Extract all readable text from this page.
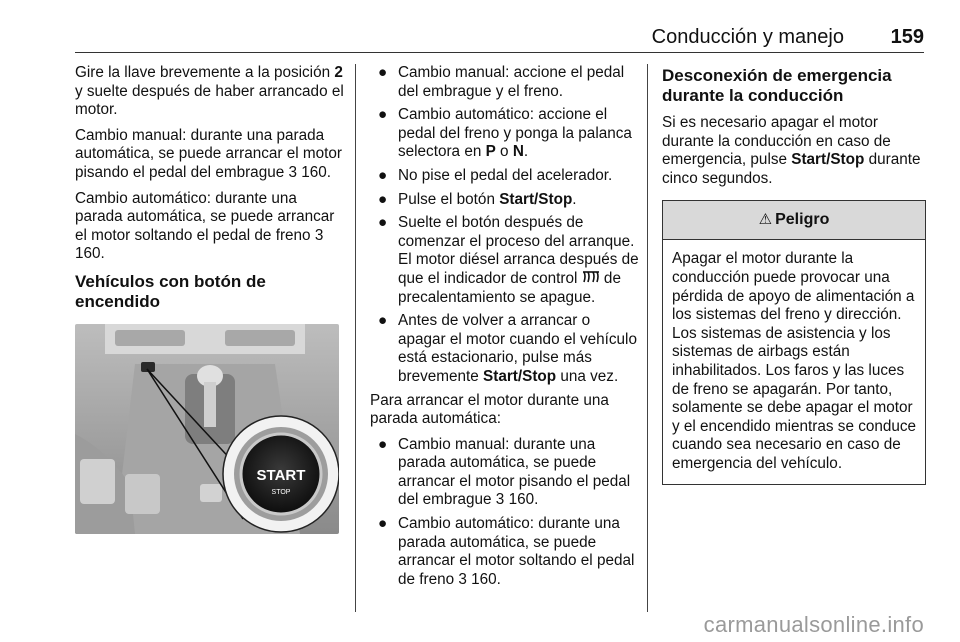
Conducción y manejo 159

Gire la llave brevemente a la posición 2 y suelte después de haber arrancado el motor.

Cambio manual: durante una parada automática, se puede arrancar el motor pisando el pedal del embrague 3 160.

Cambio automático: durante una parada automática, se puede arrancar el motor soltando el pedal de freno 3 160.

Vehículos con botón de encendido
START
STOP
● Cambio manual: accione el pedal del embrague y el freno.
● Cambio automático: accione el pedal del freno y ponga la palanca selectora en P o N.
● No pise el pedal del acelerador.
● Pulse el botón Start/Stop.
● Suelte el botón después de comenzar el proceso del arranque. El motor diésel arranca después de que el indicador de control  de precalentamiento se apague.
● Antes de volver a arrancar o apagar el motor cuando el vehículo está estacionario, pulse más brevemente Start/Stop una vez.

Para arrancar el motor durante una parada automática:

● Cambio manual: durante una parada automática, se puede arrancar el motor pisando el pedal del embrague 3 160.
● Cambio automático: durante una parada automática, se puede arrancar el motor soltando el pedal de freno 3 160.
Desconexión de emergencia durante la conducción

Si es necesario apagar el motor durante la conducción en caso de emergencia, pulse Start/Stop durante cinco segundos.

⚠ Peligro
Apagar el motor durante la conducción puede provocar una pérdida de apoyo de alimentación a los sistemas del freno y dirección. Los sistemas de asistencia y los sistemas de airbags están inhabilitados. Los faros y las luces de freno se apagarán. Por tanto, solamente se debe apagar el motor y el encendido mientras se conduce cuando sea necesario en caso de emergencia del vehículo.
carmanualsonline.info
